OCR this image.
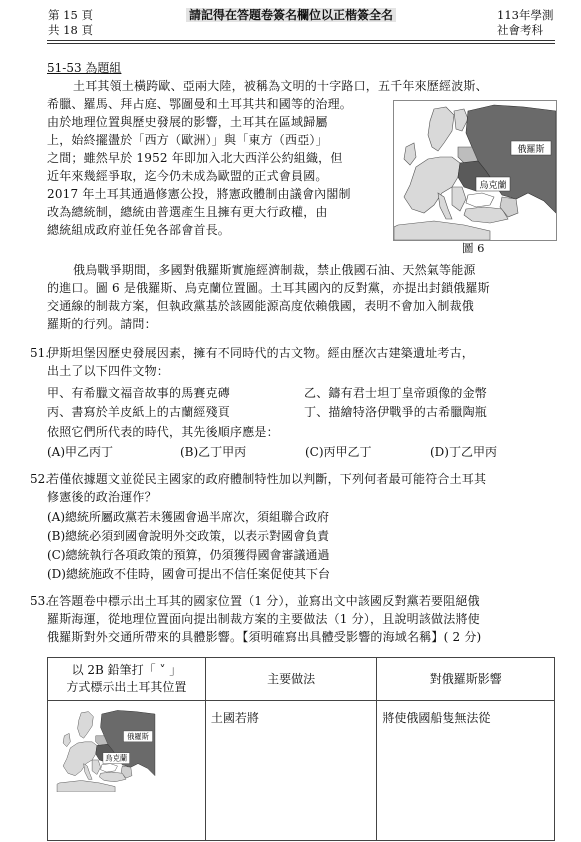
第 15 頁
共 18 頁
請記得在答題卷簽名欄位以正楷簽全名	113年學測
社會考科
51-53 為題組
土耳其領土橫跨歐、亞兩大陸，被稱為文明的十字路口，五千年來歷經波斯、
希臘、羅馬、拜占庭、鄂圖曼和土耳其共和國等的治理。
由於地理位置與歷史發展的影響，土耳其在區域歸屬
上，始終擺盪於「西方（歐洲）」與「東方（西亞）」
之間；雖然早於 1952 年即加入北大西洋公約組織，但
近年來幾經爭取，迄今仍未成為歐盟的正式會員國。
2017 年土耳其通過修憲公投，將憲政體制由議會內閣制
改為總統制，總統由普選產生且擁有更大行政權，由
總統組成政府並任免各部會首長。
俄羅斯
烏克蘭
圖 6
俄烏戰爭期間，多國對俄羅斯實施經濟制裁，禁止俄國石油、天然氣等能源
的進口。圖 6 是俄羅斯、烏克蘭位置圖。土耳其國內的反對黨，亦提出封鎖俄羅斯
交通線的制裁方案，但執政黨基於該國能源高度依賴俄國，表明不會加入制裁俄
羅斯的行列。請問：
51.
伊斯坦堡因歷史發展因素，擁有不同時代的古文物。經由歷次古建築遺址考古，
出土了以下四件文物：
甲、有希臘文福音故事的馬賽克磚	乙、鑄有君士坦丁皇帝頭像的金幣
丙、書寫於羊皮紙上的古蘭經殘頁	丁、描繪特洛伊戰爭的古希臘陶瓶
依照它們所代表的時代，其先後順序應是：
(A)甲乙丙丁	(B)乙丁甲丙	(C)丙甲乙丁	(D)丁乙甲丙
52.
若僅依據題文並從民主國家的政府體制特性加以判斷，下列何者最可能符合土耳其
修憲後的政治運作？
(A)總統所屬政黨若未獲國會過半席次，須組聯合政府
(B)總統必須到國會說明外交政策，以表示對國會負責
(C)總統執行各項政策的預算，仍須獲得國會審議通過
(D)總統施政不佳時，國會可提出不信任案促使其下台
53.
在答題卷中標示出土耳其的國家位置（1 分），並寫出文中該國反對黨若要阻絕俄
羅斯海運，從地理位置面向提出制裁方案的主要做法（1 分），且說明該做法將使
俄羅斯對外交通所帶來的具體影響。【須明確寫出具體受影響的海域名稱】( 2 分)
以 2B 鉛筆打「 ˅ 」
方式標示出土耳其位置	主要做法	對俄羅斯影響

俄羅斯
烏克蘭	土國若將	將使俄國船隻無法從
